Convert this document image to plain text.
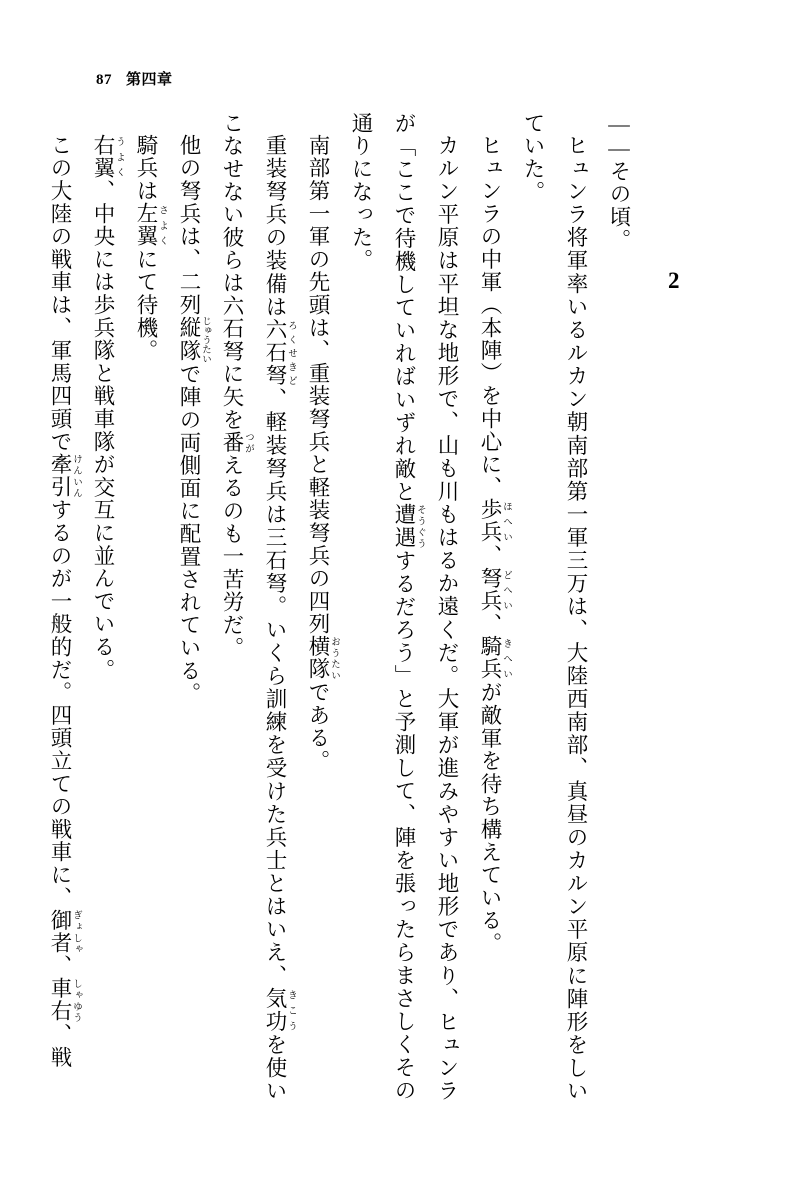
87 第四章
2

——その頃。

ヒュンラ将軍率いるルカン朝南部第一軍三万は、大陸西南部、真昼のカルン平原に陣形をしいていた。

ヒュンラの中軍（本陣）を中心に、歩兵 ほへい、弩兵 どへい、騎兵 きへいが敵軍を待ち構えている。

カルン平原は平坦な地形で、山も川もはるか遠くだ。大軍が進みやすい地形であり、ヒュンラが「ここで待機していればいずれ敵と遭遇 そうぐうするだろう」と予測して、陣を張ったらまさしくその通りになった。

南部第一軍の先頭は、重装弩兵と軽装弩兵の四列横隊 おうたいである。

重装弩兵の装備は六石弩 ろくせきど、軽装弩兵は三石弩。いくら訓練を受けた兵士とはいえ、気功 きこうを使いこなせない彼らは六石弩に矢を番 つがえるのも一苦労だ。

他の弩兵は、二列縦隊 じゅうたいで陣の両側面に配置されている。

騎兵は左翼 さよくにて待機。

右翼 うよく、中央には歩兵隊と戦車隊が交互に並んでいる。

この大陸の戦車は、軍馬四頭で牽引 けんいんするのが一般的だ。四頭立ての戦車に、御者 ぎょしゃ、車右 しゃゆう、戦
